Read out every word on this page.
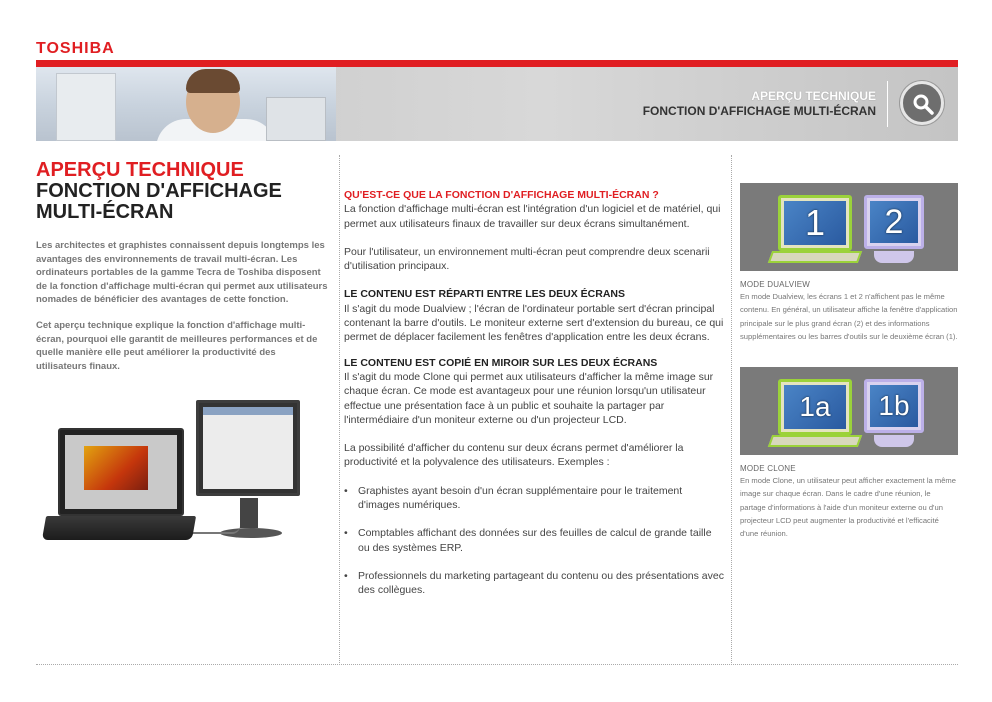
TOSHIBA
APERÇU TECHNIQUE
FONCTION D'AFFICHAGE MULTI-ÉCRAN
APERÇU TECHNIQUE
FONCTION D'AFFICHAGE
MULTI-ÉCRAN

Les architectes et graphistes connaissent depuis longtemps les avantages des environnements de travail multi-écran. Les ordinateurs portables de la gamme Tecra de Toshiba disposent de la fonction d'affichage multi-écran qui permet aux utilisateurs nomades de bénéficier des avantages de cette fonction.

Cet aperçu technique explique la fonction d'affichage multi-écran, pourquoi elle garantit de meilleures performances et de quelle manière elle peut améliorer la productivité des utilisateurs finaux.

QU'EST-CE QUE LA FONCTION D'AFFICHAGE MULTI-ÉCRAN ?

La fonction d'affichage multi-écran est l'intégration d'un logiciel et de matériel, qui permet aux utilisateurs finaux de travailler sur deux écrans simultanément.

Pour l'utilisateur, un environnement multi-écran peut comprendre deux scenarii d'utilisation principaux.

LE CONTENU EST RÉPARTI ENTRE LES DEUX ÉCRANS

Il s'agit du mode Dualview ; l'écran de l'ordinateur portable sert d'écran principal contenant la barre d'outils. Le moniteur externe sert d'extension du bureau, ce qui permet de déplacer facilement les fenêtres d'application entre les deux écrans.

LE CONTENU EST COPIÉ EN MIROIR SUR LES DEUX ÉCRANS

Il s'agit du mode Clone qui permet aux utilisateurs d'afficher la même image sur chaque écran. Ce mode est avantageux pour une réunion lorsqu'un utilisateur effectue une présentation face à un public et souhaite la partager par l'intermédiaire d'un moniteur externe ou d'un projecteur LCD.

La possibilité d'afficher du contenu sur deux écrans permet d'améliorer la productivité et la polyvalence des utilisateurs. Exemples :

• Graphistes ayant besoin d'un écran supplémentaire pour le traitement d'images numériques.
• Comptables affichant des données sur des feuilles de calcul de grande taille ou des systèmes ERP.
• Professionnels du marketing partageant du contenu ou des présentations avec des collègues.
1	2
MODE DUALVIEW
En mode Dualview, les écrans 1 et 2 n'affichent pas le même contenu. En général, un utilisateur affiche la fenêtre d'application principale sur le plus grand écran (2) et des informations supplémentaires ou les barres d'outils sur le deuxième écran (1).
1a	1b
MODE CLONE
En mode Clone, un utilisateur peut afficher exactement la même image sur chaque écran. Dans le cadre d'une réunion, le partage d'informations à l'aide d'un moniteur externe ou d'un projecteur LCD peut augmenter la productivité et l'efficacité d'une réunion.
